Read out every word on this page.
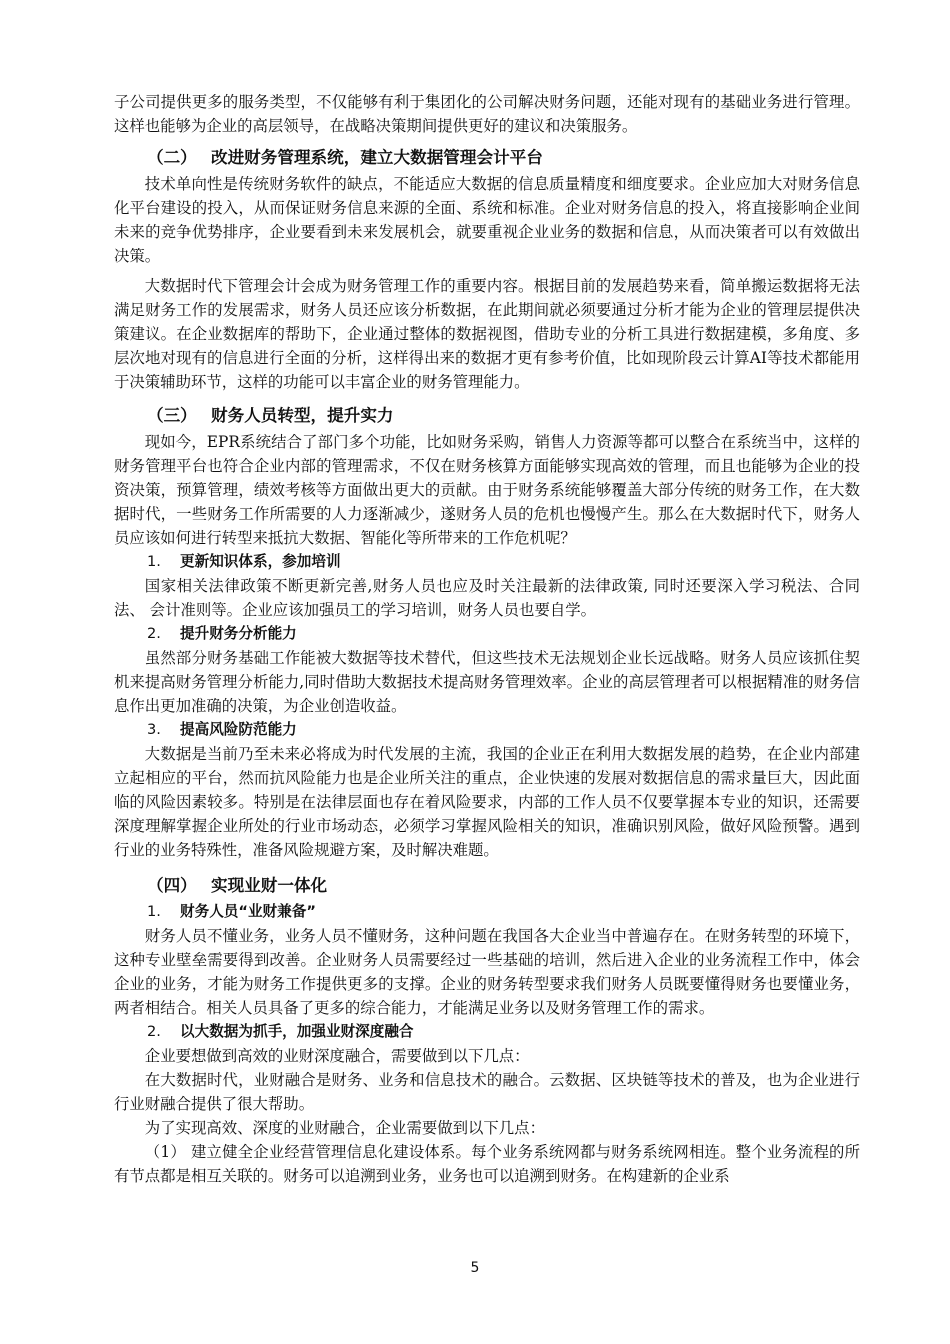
子公司提供更多的服务类型，不仅能够有利于集团化的公司解决财务问题，还能对现有的基础业务进行管理。这样也能够为企业的高层领导，在战略决策期间提供更好的建议和决策服务。

（二） 改进财务管理系统，建立大数据管理会计平台

技术单向性是传统财务软件的缺点，不能适应大数据的信息质量精度和细度要求。企业应加大对财务信息化平台建设的投入，从而保证财务信息来源的全面、系统和标准。企业对财务信息的投入，将直接影响企业间未来的竞争优势排序，企业要看到未来发展机会，就要重视企业业务的数据和信息，从而决策者可以有效做出决策。

大数据时代下管理会计会成为财务管理工作的重要内容。根据目前的发展趋势来看，简单搬运数据将无法满足财务工作的发展需求，财务人员还应该分析数据，在此期间就必须要通过分析才能为企业的管理层提供决策建议。在企业数据库的帮助下，企业通过整体的数据视图，借助专业的分析工具进行数据建模，多角度、多层次地对现有的信息进行全面的分析，这样得出来的数据才更有参考价值，比如现阶段云计算AI等技术都能用于决策辅助环节，这样的功能可以丰富企业的财务管理能力。

（三） 财务人员转型，提升实力

现如今，EPR系统结合了部门多个功能，比如财务采购，销售人力资源等都可以整合在系统当中，这样的财务管理平台也符合企业内部的管理需求，不仅在财务核算方面能够实现高效的管理，而且也能够为企业的投资决策，预算管理，绩效考核等方面做出更大的贡献。由于财务系统能够覆盖大部分传统的财务工作，在大数据时代，一些财务工作所需要的人力逐渐减少，遂财务人员的危机也慢慢产生。那么在大数据时代下，财务人员应该如何进行转型来抵抗大数据、智能化等所带来的工作危机呢？

1. 更新知识体系，参加培训

国家相关法律政策不断更新完善,财务人员也应及时关注最新的法律政策, 同时还要深入学习税法、合同法、 会计准则等。企业应该加强员工的学习培训，财务人员也要自学。

2. 提升财务分析能力

虽然部分财务基础工作能被大数据等技术替代，但这些技术无法规划企业长远战略。财务人员应该抓住契机来提高财务管理分析能力,同时借助大数据技术提高财务管理效率。企业的高层管理者可以根据精准的财务信息作出更加准确的决策，为企业创造收益。

3. 提高风险防范能力

大数据是当前乃至未来必将成为时代发展的主流，我国的企业正在利用大数据发展的趋势，在企业内部建立起相应的平台，然而抗风险能力也是企业所关注的重点，企业快速的发展对数据信息的需求量巨大，因此面临的风险因素较多。特别是在法律层面也存在着风险要求，内部的工作人员不仅要掌握本专业的知识，还需要深度理解掌握企业所处的行业市场动态，必须学习掌握风险相关的知识，准确识别风险，做好风险预警。遇到行业的业务特殊性，准备风险规避方案，及时解决难题。

（四） 实现业财一体化
1. 财务人员“业财兼备”

财务人员不懂业务，业务人员不懂财务，这种问题在我国各大企业当中普遍存在。在财务转型的环境下，这种专业壁垒需要得到改善。企业财务人员需要经过一些基础的培训，然后进入企业的业务流程工作中，体会企业的业务，才能为财务工作提供更多的支撑。企业的财务转型要求我们财务人员既要懂得财务也要懂业务，两者相结合。相关人员具备了更多的综合能力，才能满足业务以及财务管理工作的需求。

2. 以大数据为抓手，加强业财深度融合

企业要想做到高效的业财深度融合，需要做到以下几点：

在大数据时代，业财融合是财务、业务和信息技术的融合。云数据、区块链等技术的普及，也为企业进行行业财融合提供了很大帮助。

为了实现高效、深度的业财融合，企业需要做到以下几点：

（1） 建立健全企业经营管理信息化建设体系。每个业务系统网都与财务系统网相连。整个业务流程的所有节点都是相互关联的。财务可以追溯到业务，业务也可以追溯到财务。在构建新的企业系

5
